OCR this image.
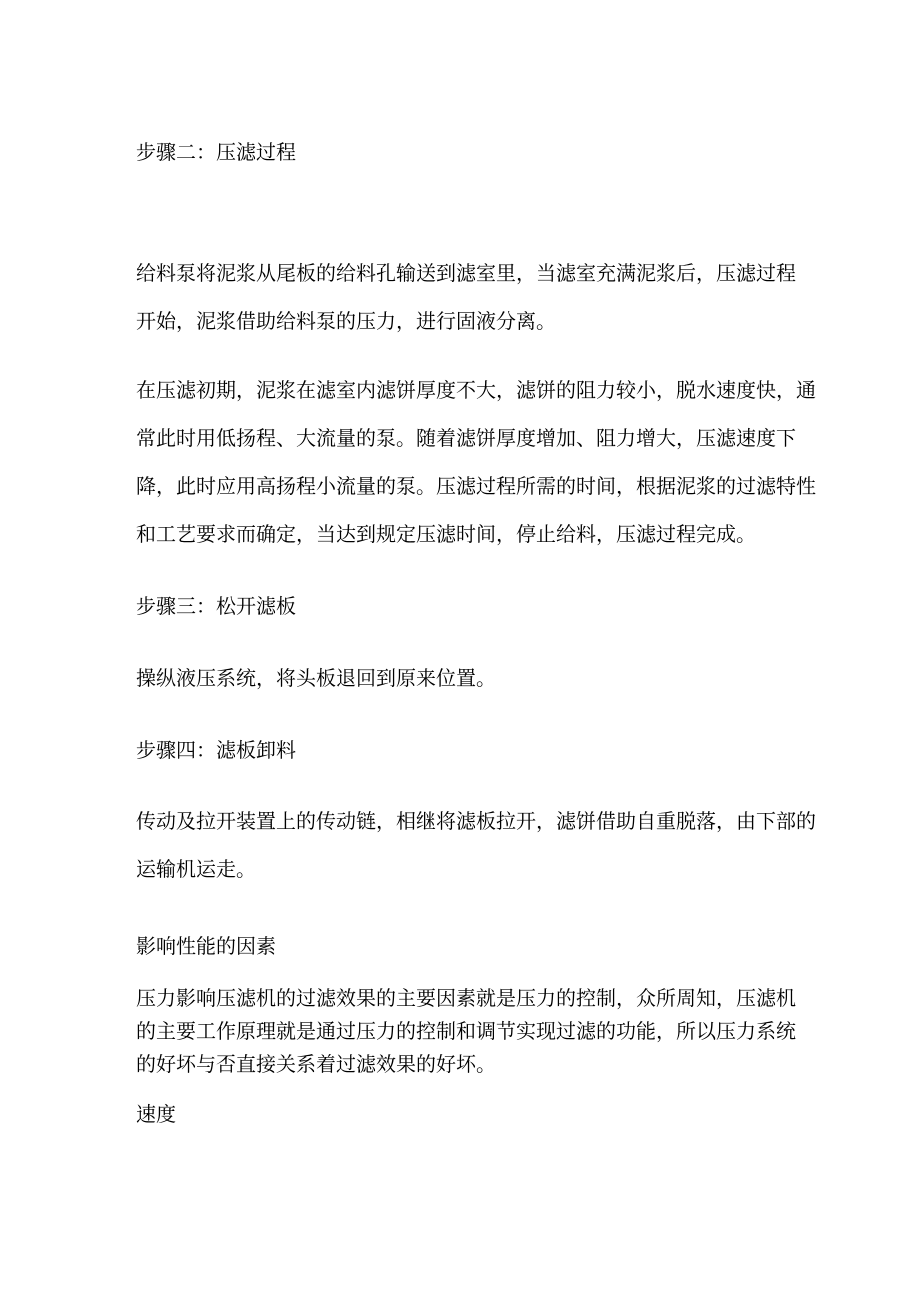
步骤二：压滤过程

给料泵将泥浆从尾板的给料孔输送到滤室里，当滤室充满泥浆后，压滤过程
开始，泥浆借助给料泵的压力，进行固液分离。
在压滤初期，泥浆在滤室内滤饼厚度不大，滤饼的阻力较小，脱水速度快，通
常此时用低扬程、大流量的泵。随着滤饼厚度增加、阻力增大，压滤速度下
降，此时应用高扬程小流量的泵。压滤过程所需的时间，根据泥浆的过滤特性
和工艺要求而确定，当达到规定压滤时间，停止给料，压滤过程完成。

步骤三：松开滤板

操纵液压系统，将头板退回到原来位置。

步骤四：滤板卸料

传动及拉开装置上的传动链，相继将滤板拉开，滤饼借助自重脱落，由下部的
运输机运走。

影响性能的因素

压力影响压滤机的过滤效果的主要因素就是压力的控制，众所周知，压滤机
的主要工作原理就是通过压力的控制和调节实现过滤的功能，所以压力系统
的好坏与否直接关系着过滤效果的好坏。

速度
